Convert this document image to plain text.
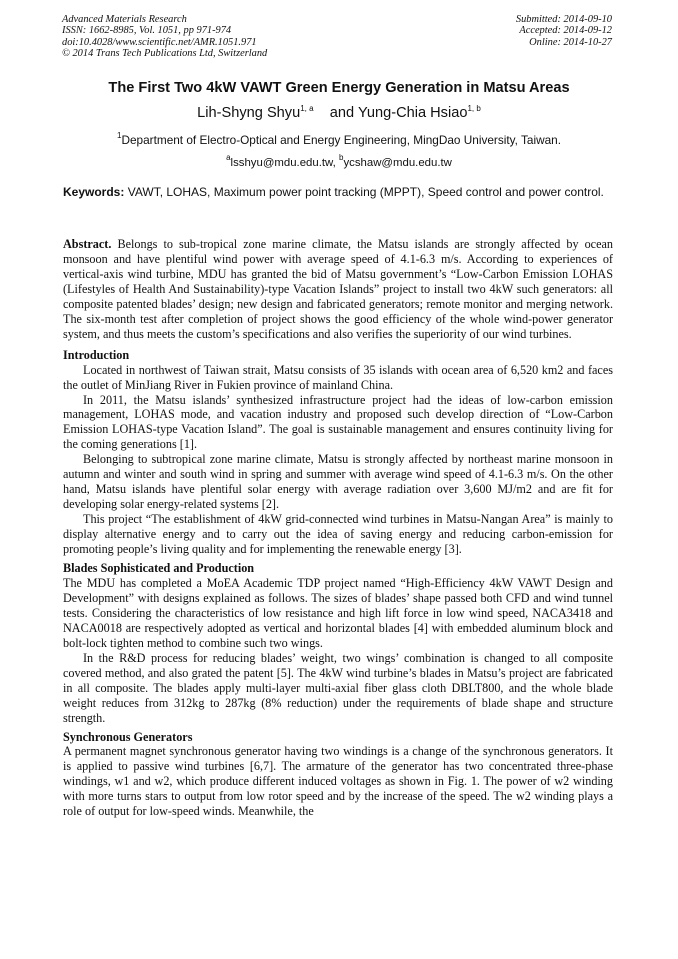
Advanced Materials Research
ISSN: 1662-8985, Vol. 1051, pp 971-974
doi:10.4028/www.scientific.net/AMR.1051.971
© 2014 Trans Tech Publications Ltd, Switzerland
Submitted: 2014-09-10
Accepted: 2014-09-12
Online: 2014-10-27
The First Two 4kW VAWT Green Energy Generation in Matsu Areas
Lih-Shyng Shyu$^{1, a}$ and Yung-Chia Hsiao$^{1, b}$
$^1$Department of Electro-Optical and Energy Engineering, MingDao University, Taiwan.
$^a$lsshyu@mdu.edu.tw, $^b$ycshaw@mdu.edu.tw
Keywords: VAWT, LOHAS, Maximum power point tracking (MPPT), Speed control and power control.

Abstract. Belongs to sub-tropical zone marine climate, the Matsu islands are strongly affected by ocean monsoon and have plentiful wind power with average speed of 4.1-6.3 m/s. According to experiences of vertical-axis wind turbine, MDU has granted the bid of Matsu government’s “Low-Carbon Emission LOHAS (Lifestyles of Health And Sustainability)-type Vacation Islands” project to install two 4kW such generators: all composite patented blades’ design; new design and fabricated generators; remote monitor and merging network. The six-month test after completion of project shows the good efficiency of the whole wind-power generator system, and thus meets the custom’s specifications and also verifies the superiority of our wind turbines.

Introduction

Located in northwest of Taiwan strait, Matsu consists of 35 islands with ocean area of 6,520 km2 and faces the outlet of MinJiang River in Fukien province of mainland China.

In 2011, the Matsu islands’ synthesized infrastructure project had the ideas of low-carbon emission management, LOHAS mode, and vacation industry and proposed such develop direction of “Low-Carbon Emission LOHAS-type Vacation Island”. The goal is sustainable management and ensures continuity living for the coming generations [1].

Belonging to subtropical zone marine climate, Matsu is strongly affected by northeast marine monsoon in autumn and winter and south wind in spring and summer with average wind speed of 4.1-6.3 m/s. On the other hand, Matsu islands have plentiful solar energy with average radiation over 3,600 MJ/m2 and are fit for developing solar energy-related systems [2].

This project “The establishment of 4kW grid-connected wind turbines in Matsu-Nangan Area” is mainly to display alternative energy and to carry out the idea of saving energy and reducing carbon-emission for promoting people’s living quality and for implementing the renewable energy [3].

Blades Sophisticated and Production

The MDU has completed a MoEA Academic TDP project named “High-Efficiency 4kW VAWT Design and Development” with designs explained as follows. The sizes of blades’ shape passed both CFD and wind tunnel tests. Considering the characteristics of low resistance and high lift force in low wind speed, NACA3418 and NACA0018 are respectively adopted as vertical and horizontal blades [4] with embedded aluminum block and bolt-lock tighten method to combine such two wings.

In the R&D process for reducing blades’ weight, two wings’ combination is changed to all composite covered method, and also grated the patent [5]. The 4kW wind turbine’s blades in Matsu’s project are fabricated in all composite. The blades apply multi-layer multi-axial fiber glass cloth DBLT800, and the whole blade weight reduces from 312kg to 287kg (8% reduction) under the requirements of blade shape and structure strength.

Synchronous Generators

A permanent magnet synchronous generator having two windings is a change of the synchronous generators. It is applied to passive wind turbines [6,7]. The armature of the generator has two concentrated three-phase windings, w1 and w2, which produce different induced voltages as shown in Fig. 1. The power of w2 winding with more turns stars to output from low rotor speed and by the increase of the speed. The w2 winding plays a role of output for low-speed winds. Meanwhile, the
